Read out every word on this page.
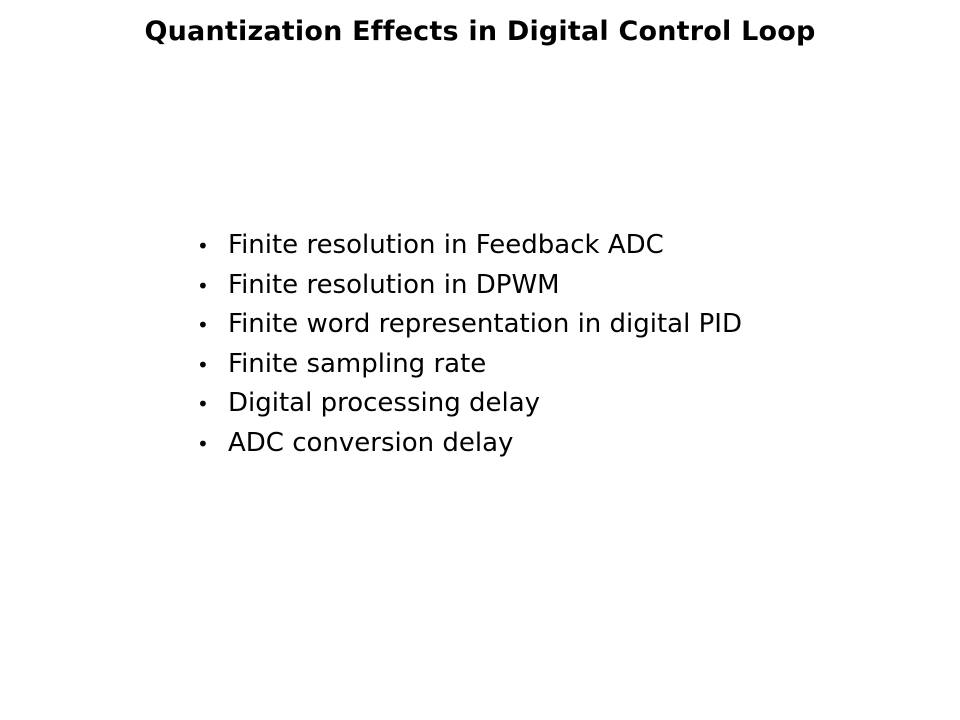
Quantization Effects in Digital Control Loop
• Finite resolution in Feedback ADC
• Finite resolution in DPWM
• Finite word representation in digital PID
• Finite sampling rate
• Digital processing delay
• ADC conversion delay
